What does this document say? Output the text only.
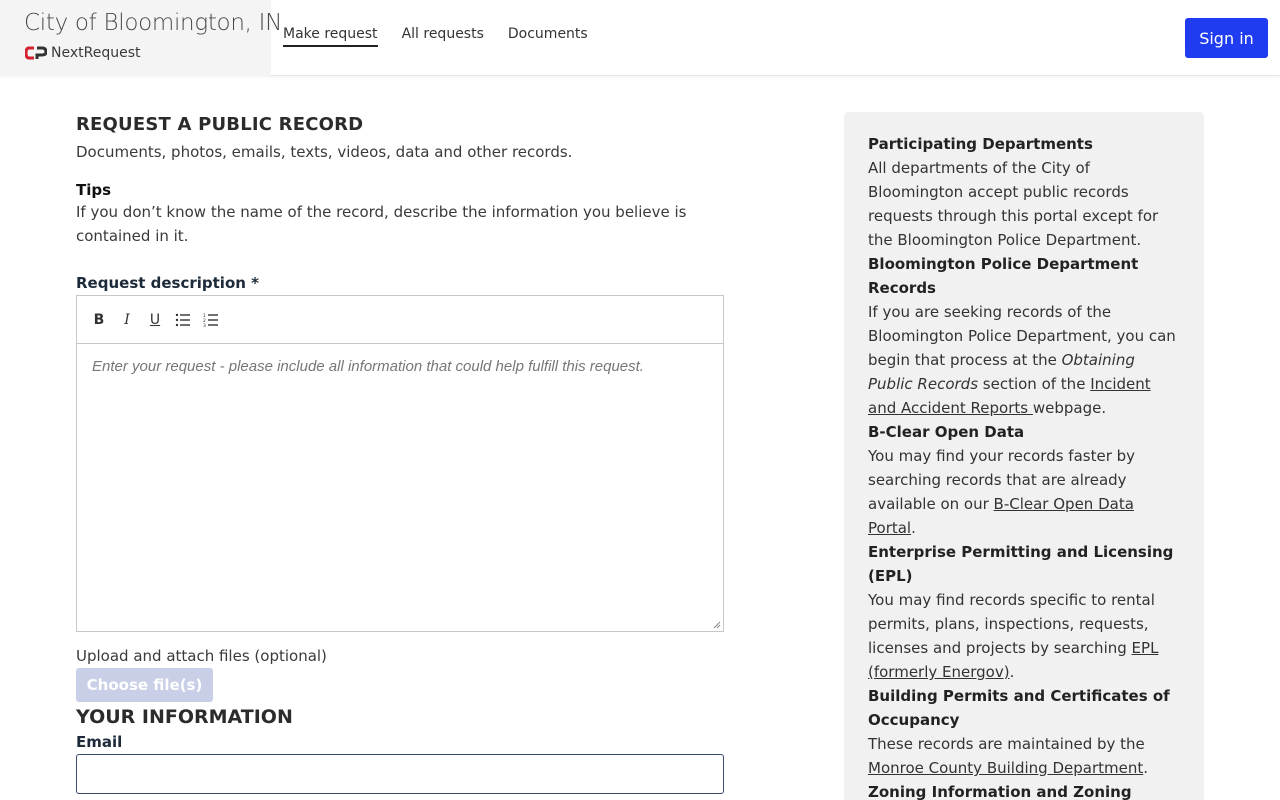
City of Bloomington, IN
NextRequest
Make request All requests Documents	Sign in
REQUEST A PUBLIC RECORD
Documents, photos, emails, texts, videos, data and other records.
Tips
If you don’t know the name of the record, describe the information you believe is contained in it.
Request description *
B	I	U	1
2
3
Enter your request - please include all information that could help fulfill this request.
Upload and attach files (optional)
Choose file(s)
YOUR INFORMATION
Email
Participating Departments
All departments of the City of Bloomington accept public records requests through this portal except for the Bloomington Police Department.
Bloomington Police Department Records
If you are seeking records of the Bloomington Police Department, you can begin that process at the Obtaining Public Records section of the Incident and Accident Reports webpage.
B-Clear Open Data
You may find your records faster by searching records that are already available on our B-Clear Open Data Portal.
Enterprise Permitting and Licensing (EPL)
You may find records specific to rental permits, plans, inspections, requests, licenses and projects by searching EPL (formerly Energov).
Building Permits and Certificates of Occupancy
These records are maintained by the Monroe County Building Department.
Zoning Information and Zoning
